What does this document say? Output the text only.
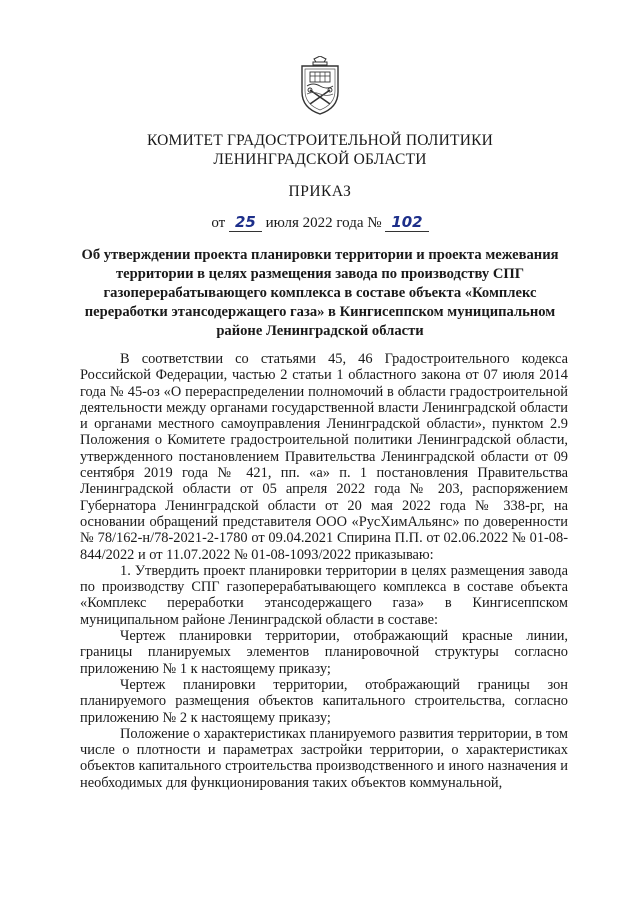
КОМИТЕТ ГРАДОСТРОИТЕЛЬНОЙ ПОЛИТИКИ
ЛЕНИНГРАДСКОЙ ОБЛАСТИ
ПРИКАЗ
от 25 июля 2022 года № 102
Об утверждении проекта планировки территории и проекта межевания территории в целях размещения завода по производству СПГ газоперерабатывающего комплекса в составе объекта «Комплекс переработки этансодержащего газа» в Кингисеппском муниципальном районе Ленинградской области

В соответствии со статьями 45, 46 Градостроительного кодекса Российской Федерации, частью 2 статьи 1 областного закона от 07 июля 2014 года № 45-оз «О перераспределении полномочий в области градостроительной деятельности между органами государственной власти Ленинградской области и органами местного самоуправления Ленинградской области», пунктом 2.9 Положения о Комитете градостроительной политики Ленинградской области, утвержденного постановлением Правительства Ленинградской области от 09 сентября 2019 года № 421, пп. «а» п. 1 постановления Правительства Ленинградской области от 05 апреля 2022 года № 203, распоряжением Губернатора Ленинградской области от 20 мая 2022 года № 338-рг, на основании обращений представителя ООО «РусХимАльянс» по доверенности № 78/162-н/78-2021-2-1780 от 09.04.2021 Спирина П.П. от 02.06.2022 № 01-08-844/2022 и от 11.07.2022 № 01-08-1093/2022 приказываю:

1. Утвердить проект планировки территории в целях размещения завода по производству СПГ газоперерабатывающего комплекса в составе объекта «Комплекс переработки этансодержащего газа» в Кингисеппском муниципальном районе Ленинградской области в составе:

Чертеж планировки территории, отображающий красные линии, границы планируемых элементов планировочной структуры согласно приложению № 1 к настоящему приказу;

Чертеж планировки территории, отображающий границы зон планируемого размещения объектов капитального строительства, согласно приложению № 2 к настоящему приказу;

Положение о характеристиках планируемого развития территории, в том числе о плотности и параметрах застройки территории, о характеристиках объектов капитального строительства производственного и иного назначения и необходимых для функционирования таких объектов коммунальной,
